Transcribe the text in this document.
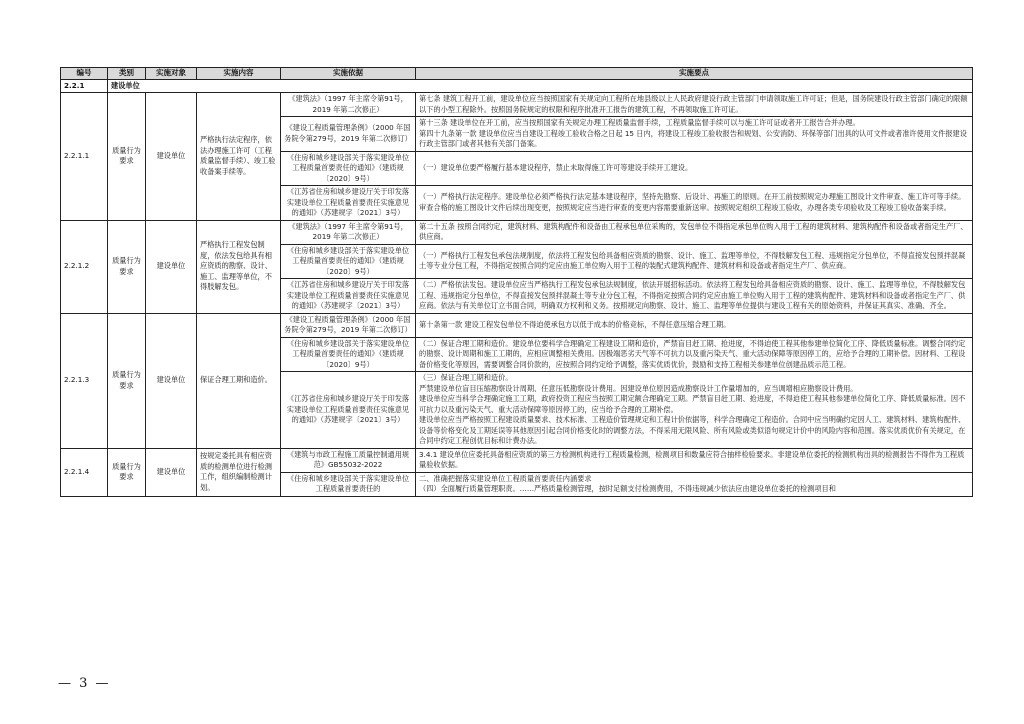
编号	类别	实施对象	实施内容	实施依据	实施要点
2.2.1	建设单位				
2.2.1.1	质量行为要求	建设单位	严格执行法定程序，依法办理施工许可（工程质量监督手续）、竣工验收备案手续等。	《建筑法》（1997 年主席令第91号，2019 年第二次修正）	第七条 建筑工程开工前，建设单位应当按照国家有关规定向工程所在地县级以上人民政府建设行政主管部门申请领取施工许可证；但是，国务院建设行政主管部门确定的限额以下的小型工程除外。按照国务院规定的权限和程序批准开工报告的建筑工程，不再领取施工许可证。

				《建设工程质量管理条例》（2000 年国务院令第279号，2019 年第二次修订）	第十三条 建设单位在开工前，应当按照国家有关规定办理工程质量监督手续，工程质量监督手续可以与施工许可证或者开工报告合并办理。
第四十九条第一款 建设单位应当自建设工程竣工验收合格之日起 15 日内，将建设工程竣工验收报告和规划、公安消防、环保等部门出具的认可文件或者准许使用文件报建设行政主管部门或者其他有关部门备案。

				《住房和城乡建设部关于落实建设单位工程质量首要责任的通知》（建质规〔2020〕9号）	（一）建设单位要严格履行基本建设程序，禁止未取得施工许可等建设手续开工建设。

				《江苏省住房和城乡建设厅关于印发落实建设单位工程质量首要责任实施意见的通知》（苏建规字〔2021〕3号）	（一）严格执行法定程序。建设单位必须严格执行法定基本建设程序，坚持先勘察、后设计、再施工的原则。在开工前按照规定办理施工图设计文件审查、施工许可等手续。审查合格的施工图设计文件后续出现变更，按照规定应当进行审查的变更内容需要重新送审。按照规定组织工程竣工验收，办理各类专项验收及工程竣工验收备案手续。

2.2.1.2	质量行为要求	建设单位	严格执行工程发包制度，依法发包给具有相应资质的勘察、设计、施工、监理等单位，不得肢解发包。	《建筑法》（1997 年主席令第91号，2019 年第二次修正）	第二十五条 按照合同约定，建筑材料、建筑构配件和设备由工程承包单位采购的，发包单位不得指定承包单位购入用于工程的建筑材料、建筑构配件和设备或者指定生产厂、供应商。

				《住房和城乡建设部关于落实建设单位工程质量首要责任的通知》（建质规〔2020〕9号）	（一）严格执行工程发包承包法规制度，依法将工程发包给具备相应资质的勘察、设计、施工、监理等单位，不得肢解发包工程、违规指定分包单位，不得直接发包预拌混凝土等专业分包工程，不得指定按照合同约定应由施工单位购入用于工程的装配式建筑构配件、建筑材料和设备或者指定生产厂、供应商。

				《江苏省住房和城乡建设厅关于印发落实建设单位工程质量首要责任实施意见的通知》（苏建规字〔2021〕3号）	（二）严格依法发包。建设单位应当严格执行工程发包承包法规制度，依法开展招标活动。依法将工程发包给具备相应资质的勘察、设计、施工、监理等单位，不得肢解发包工程、违规指定分包单位，不得直接发包预拌混凝土等专业分包工程，不得指定按照合同约定应由施工单位购入用于工程的建筑构配件、建筑材料和设备或者指定生产厂、供应商。依法与有关单位订立书面合同，明确双方权利和义务。按照规定向勘察、设计、施工、监理等单位提供与建设工程有关的原始资料，并保证其真实、准确、齐全。

2.2.1.3	质量行为要求	建设单位	保证合理工期和造价。	《建设工程质量管理条例》（2000 年国务院令第279号，2019 年第二次修订）	第十条第一款 建设工程发包单位不得迫使承包方以低于成本的价格竞标，不得任意压缩合理工期。

				《住房和城乡建设部关于落实建设单位工程质量首要责任的通知》（建质规〔2020〕9号）	（二）保证合理工期和造价。建设单位要科学合理确定工程建设工期和造价，严禁盲目赶工期、抢进度，不得迫使工程其他参建单位简化工序、降低质量标准。调整合同约定的勘察、设计周期和施工工期的，应相应调整相关费用。因极端恶劣天气等不可抗力以及重污染天气、重大活动保障等原因停工的，应给予合理的工期补偿。因材料、工程设备价格变化等原因，需要调整合同价款的，应按照合同约定给予调整，落实优质优价，鼓励和支持工程相关参建单位创建品质示范工程。

				《江苏省住房和城乡建设厅关于印发落实建设单位工程质量首要责任实施意见的通知》（苏建规字〔2021〕3号）	（三）保证合理工期和造价。
严禁建设单位盲目压缩勘察设计周期、任意压低勘察设计费用。因建设单位原因造成勘察设计工作量增加的，应当调增相应勘察设计费用。
建设单位应当科学合理确定施工工期，政府投资工程应当按照工期定额合理确定工期。严禁盲目赶工期、抢进度，不得迫使工程其他参建单位简化工序、降低质量标准。因不可抗力以及重污染天气、重大活动保障等原因停工的，应当给予合理的工期补偿。
建设单位应当严格按照工程建设质量要求、技术标准、工程造价管理规定和工程计价依据等，科学合理确定工程造价。合同中应当明确约定因人工、建筑材料、建筑构配件、设备等价格变化及工期延误等其他原因引起合同价格变化时的调整方法，不得采用无限风险、所有风险或类似语句规定计价中的风险内容和范围。落实优质优价有关规定，在合同中约定工程创优目标和计费办法。

2.2.1.4	质量行为要求	建设单位	按规定委托具有相应资质的检测单位进行检测工作，组织编制检测计划。	《建筑与市政工程施工质量控制通用规范》GB55032-2022	3.4.1 建设单位应委托具备相应资质的第三方检测机构进行工程质量检测，检测项目和数量应符合抽样检验要求。非建设单位委托的检测机构出具的检测报告不得作为工程质量验收依据。

				《住房和城乡建设部关于落实建设单位工程质量首要责任的	二、准确把握落实建设单位工程质量首要责任内涵要求
（四）全面履行质量管理职责。……严格质量检测管理，按时足额支付检测费用，不得违规减少依法应由建设单位委托的检测项目和
— 3 —
